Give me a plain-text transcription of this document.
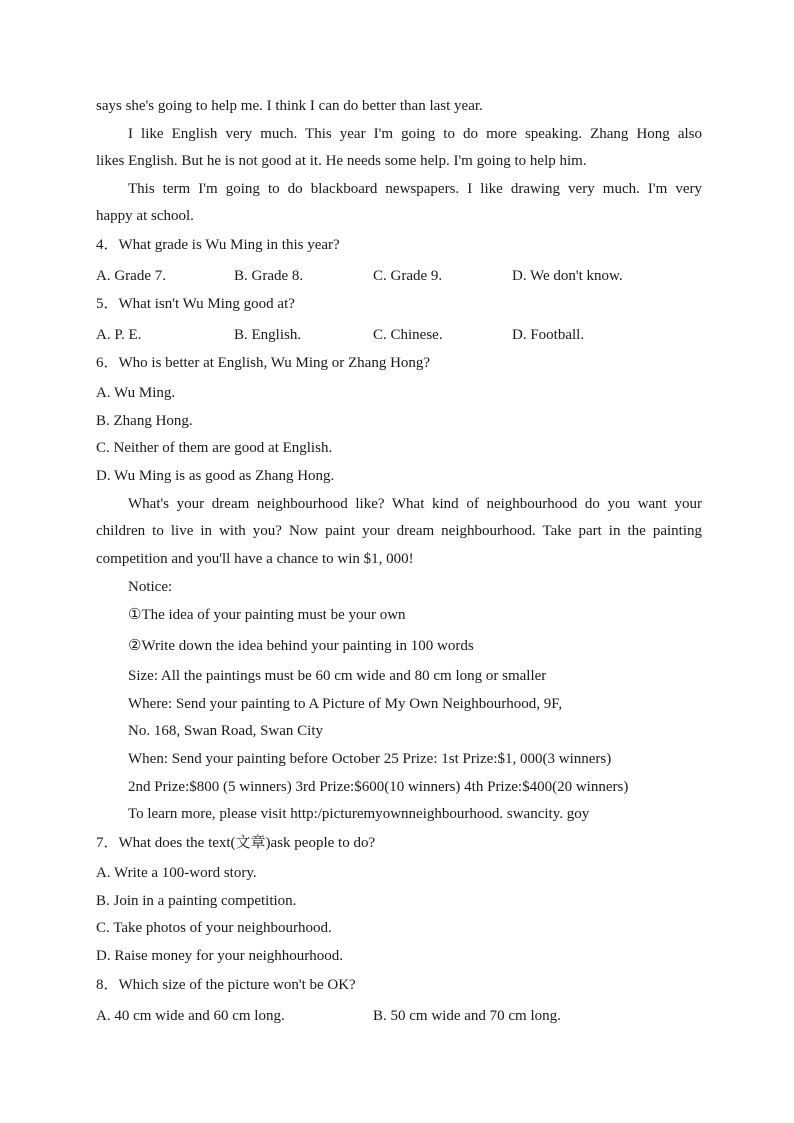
says she's going to help me. I think I can do better than last year.
I like English very much. This year I'm going to do more speaking. Zhang Hong also
likes English. But he is not good at it. He needs some help. I'm going to help him.
This term I'm going to do blackboard newspapers. I like drawing very much. I'm very
happy at school.
4．What grade is Wu Ming in this year?
A. Grade 7.	B. Grade 8.	C. Grade 9.	D. We don't know.
5．What isn't Wu Ming good at?
A. P. E.	B. English.	C. Chinese.	D. Football.
6．Who is better at English, Wu Ming or Zhang Hong?
A. Wu Ming.
B. Zhang Hong.
C. Neither of them are good at English.
D. Wu Ming is as good as Zhang Hong.
What's your dream neighbourhood like? What kind of neighbourhood do you want your
children to live in with you? Now paint your dream neighbourhood. Take part in the painting
competition and you'll have a chance to win $1, 000!
Notice:
①The idea of your painting must be your own
②Write down the idea behind your painting in 100 words
Size: All the paintings must be 60 cm wide and 80 cm long or smaller
Where: Send your painting to A Picture of My Own Neighbourhood, 9F,
No. 168, Swan Road, Swan City
When: Send your painting before October 25 Prize: 1st Prize:$1, 000(3 winners)
2nd Prize:$800 (5 winners) 3rd Prize:$600(10 winners) 4th Prize:$400(20 winners)
To learn more, please visit http:/picturemyownneighbourhood. swancity. goy
7．What does the text(文章)ask people to do?
A. Write a 100-word story.
B. Join in a painting competition.
C. Take photos of your neighbourhood.
D. Raise money for your neighhourhood.
8．Which size of the picture won't be OK?
A. 40 cm wide and 60 cm long.	B. 50 cm wide and 70 cm long.
